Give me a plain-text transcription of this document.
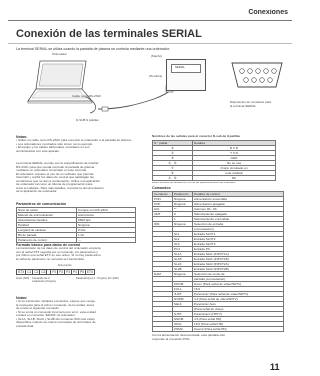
Conexiones
Conexión de las terminales SERIAL
La terminal SERIAL se utiliza cuando la pantalla de plasma se controla mediante una ordenador.
Ordenador
Cable recto RS-232C
D-SUB 9 patillas
(Macho)
(Hembra)
SERIAL
Disposición de contactos para
la terminal SERIAL
Notas:
• Utilice un cable recto RS-232C para conectar el ordenador a la pantalla de plasma.
• Los ordenadores mostrados sólo sirven como ejemplo.
• El equipo y los cables adicionales mostrados no son
suministrados con este aparato.
La terminal SERIAL cumple con la especificación de interfaz
RS-232C para que pueda controlar la pantalla de plasma
mediante un ordenador conectado en este terminal.
El ordenador requiere el uso de un software que permita
transmitir y recibir los datos de control que satisfagan las
condiciones que se dan a continuación. Utilice una aplicación
de ordenador tal como un idioma de programación para
crear el software. Para más detalles, consulte la documentación
de la aplicación de ordenador.
Parámetros de comunicación
Nivel de señal	Cumple con RS-232C
Método de sincronización	Asincrónico
Velocidad de baudios	9600 bps
Paridad	Ninguna
Longitud de carácter	8 bits
Bit de parada	1 bit
Parámetro de control	—
Formato básico para datos de control
La transmisión de los datos de control del ordenador empieza
con la señal STX seguida por el comando, los parámetros y
por último una señal ETX en ese orden. Si no hay parámetros,
la señal de parámetro no necesita ser transmitida.
STX C1 C2 C3 : P1 P2 P3 P4 P5 ETX
Inicio (02h) Comando de 3 caracteres (3 bytes)
Dos puntos
Parámetro(s) (1 - 5 bytes) Fin (03h)
Notas:
• Si se transmiten múltiples comandos, espere que venga
la respuesta para el primer comando, de la unidad, antes
de enviar el siguiente comando.
• Si se envía un comando incorrecto por error, esta unidad
enviará un comando "ER401" al ordenador.
• SL1A, SL1B, SL2A y SL2B del comando IMS sólo están
disponibles cuando se coloca una tarjeta de terminales de
entrada dual.
Nombres de las señales para el conector D-sub de 9 patillas
N.° patilla	Detalles
②	R X D
③	T X D
⑤	GND
④ · ⑥	No se usa
⑦	(Corto circuitado en
⑧	este unidad)
① · ⑨	NC
Estos nombres de señales son los de las especificaciones del ordenador.
Comandos
Comando	Parámetro	Detalles de control
PON	Ninguna	Alimentación encendida
POF	Ninguna	Alimentación apagada
AVL	**	Volumen 00 - 63
AMT	0	Silenciamiento apagado
	1	Silenciamiento encendido
IMS	Ninguna	Selección de entrada
		(conmutación)
	SL1	Entrada SLOT1
	SL2	Entrada SLOT2
	SL3	Entrada SLOT3
	PC1	Entrada PC
	SL1A	Entrada Slot1 (INPUT1A)
	SL1B	Entrada Slot1 (INPUT1B)
	SL2A	Entrada Slot2 (INPUT2A)
	SL2B	Entrada Slot2 (INPUT2B)
DAM	Ninguna	Selección de modo de
		pantalla (conmutación)
	ZOOM	Zoom (Para señal de video/SDTV)
	FULL	16:9
	JUST	Panoramic (Para señal de video/SDTV)
	NORM	4:3 (Para señal de video/SDTV)
	SELF	Panoramic Auto
		(Para señal de video)
	SJST	Panorámico (HDTV)
	SNOM	4:3 (Para señal HD)
	SFUL	16:9 (Para señal HD)
	ZOM2	Zoom2 (Para señal HD)
Con la alimentación desconectada, esta pantalla sólo
responde al comando PON.
11
